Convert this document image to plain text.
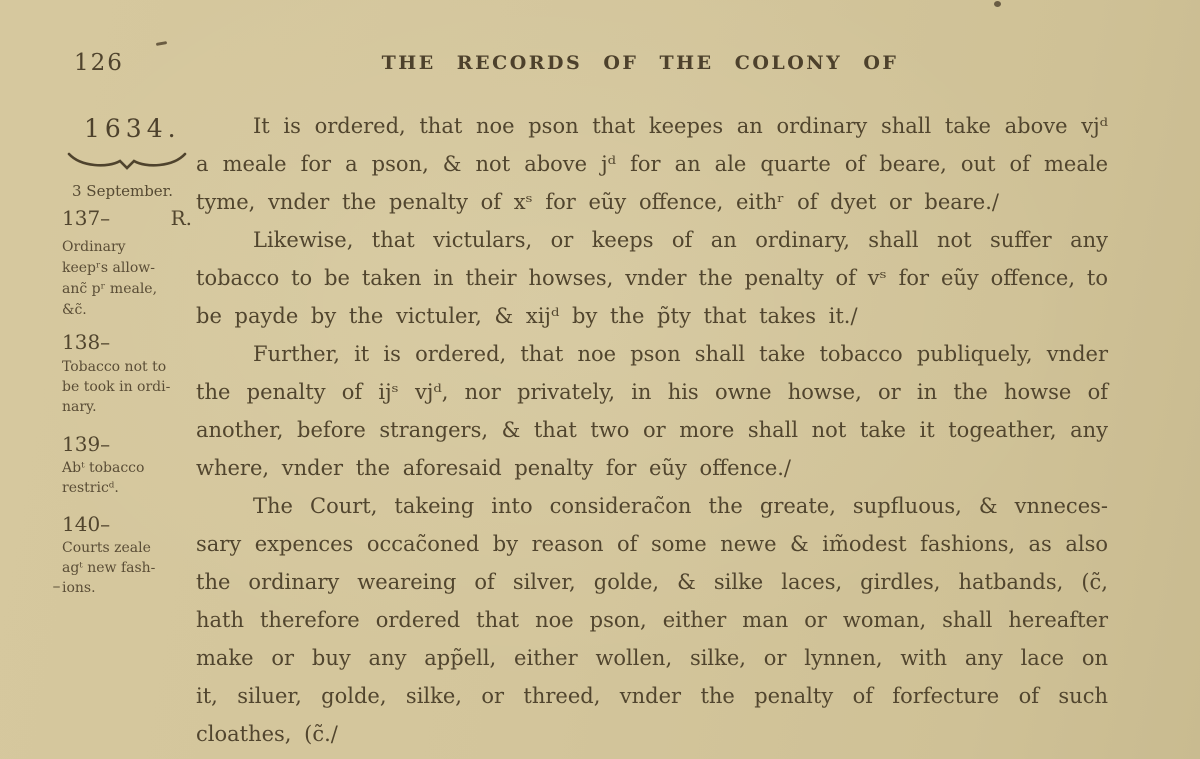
126	THE RECORDS OF THE COLONY OF
1634.
3 September.
137–	R.
Ordinary
keepʳs allow-
anc̃ pʳ meale,
&c̃.
138–
Tobacco not to
be took in ordi-
nary.
139–
Abᵗ tobacco
restricᵈ.
140–
Courts zeale
agᵗ new fash-
ions.
It is ordered, that noe pson that keepes an ordinary shall take above vjᵈ
a meale for a pson, & not above jᵈ for an ale quarte of beare, out of meale
tyme, vnder the penalty of xˢ for eũy offence, eithʳ of dyet or beare./
Likewise, that victulars, or keeps of an ordinary, shall not suffer any
tobacco to be taken in their howses, vnder the penalty of vˢ for eũy offence, to
be payde by the victuler, & xijᵈ by the p̃ty that takes it./
Further, it is ordered, that noe pson shall take tobacco publiquely, vnder
the penalty of ijˢ vjᵈ, nor privately, in his owne howse, or in the howse of
another, before strangers, & that two or more shall not take it togeather, any
where, vnder the aforesaid penalty for eũy offence./
The Court, takeing into considerac̃on the greate, supfluous, & vnneces-
sary expences occac̃oned by reason of some newe & im̃odest fashions, as also
the ordinary weareing of silver, golde, & silke laces, girdles, hatbands, (c̃,
hath therefore ordered that noe pson, either man or woman, shall hereafter
make or buy any app̃ell, either wollen, silke, or lynnen, with any lace on
it, siluer, golde, silke, or threed, vnder the penalty of forfecture of such
cloathes, (c̃./
